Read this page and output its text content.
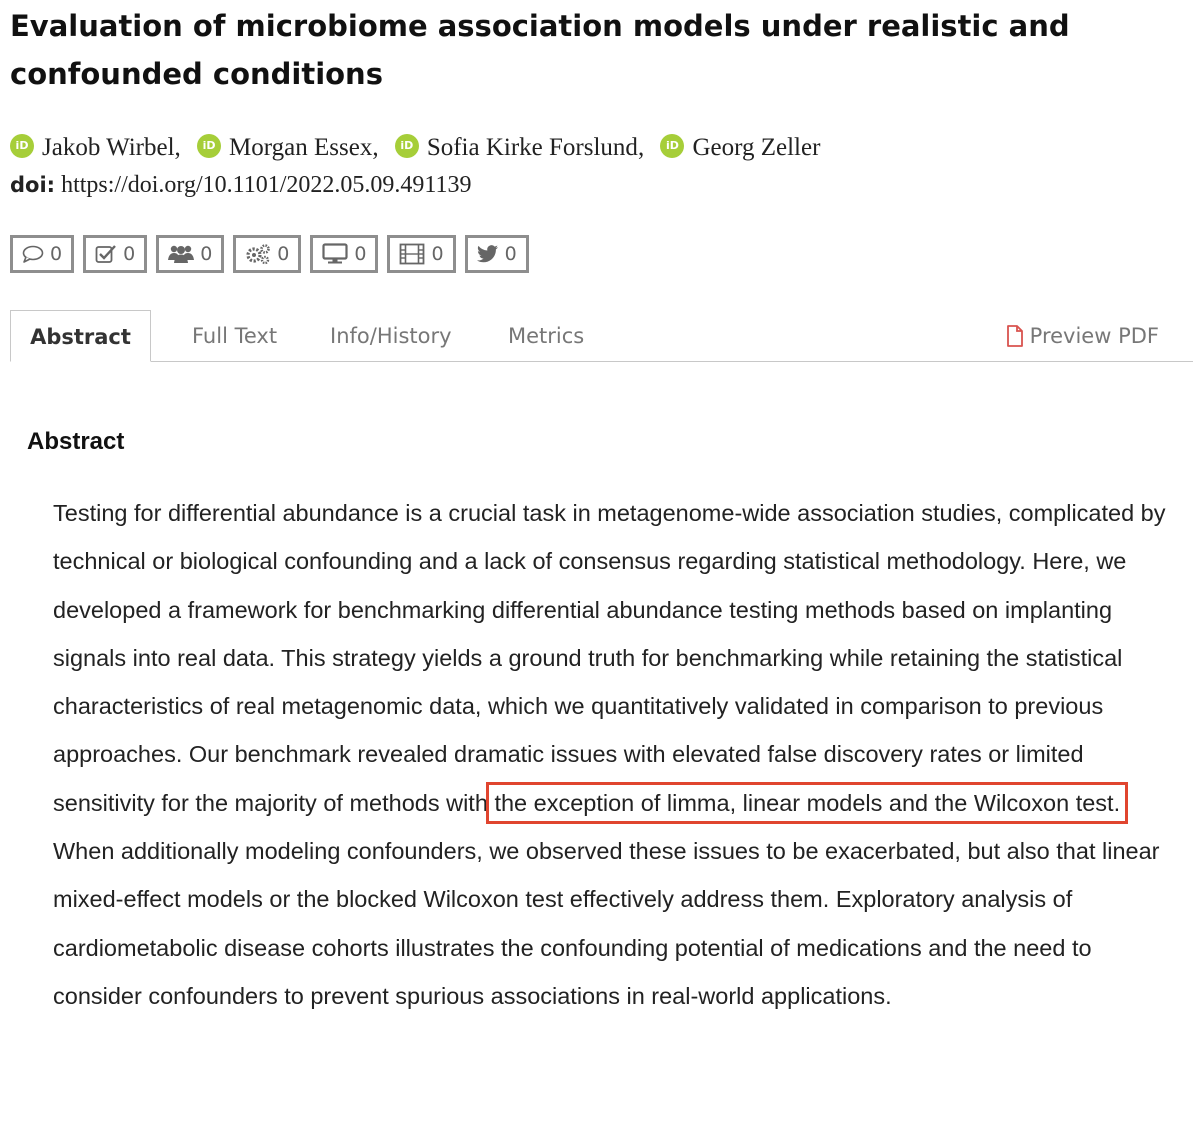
Evaluation of microbiome association models under realistic and confounded conditions
iD Jakob Wirbel ,
	iD Morgan Essex ,
	iD Sofia Kirke Forslund ,
	iD Georg Zeller
doi: https://doi.org/10.1101/2022.05.09.491139
0	0	0	0	0	0	0
Abstract	Full Text	Info/History	Metrics	Preview PDF
Abstract

Testing for differential abundance is a crucial task in metagenome-wide association studies, complicated by technical or biological confounding and a lack of consensus regarding statistical methodology. Here, we developed a framework for benchmarking differential abundance testing methods based on implanting signals into real data. This strategy yields a ground truth for benchmarking while retaining the statistical characteristics of real metagenomic data, which we quantitatively validated in comparison to previous approaches. Our benchmark revealed dramatic issues with elevated false discovery rates or limited sensitivity for the majority of methods with the exception of limma, linear models and the Wilcoxon test. When additionally modeling confounders, we observed these issues to be exacerbated, but also that linear mixed-effect models or the blocked Wilcoxon test effectively address them. Exploratory analysis of cardiometabolic disease cohorts illustrates the confounding potential of medications and the need to consider confounders to prevent spurious associations in real-world applications.
